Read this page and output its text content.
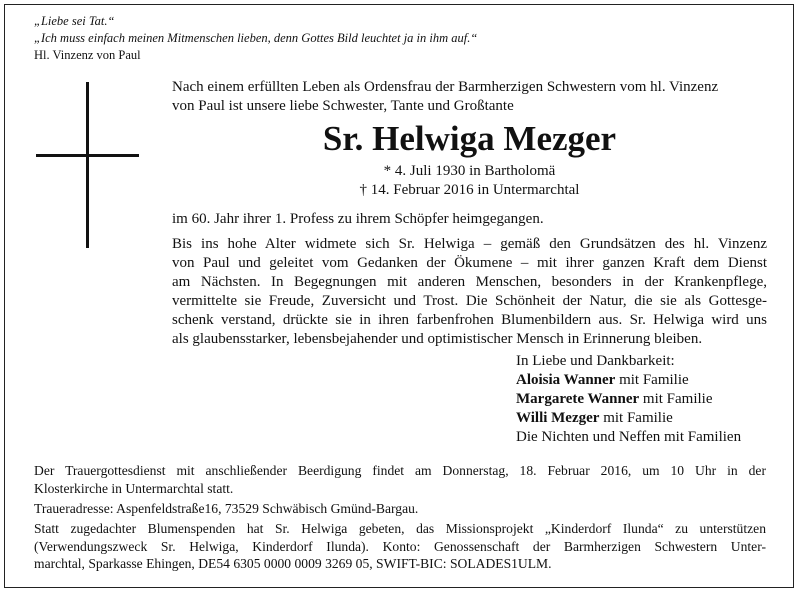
„Liebe sei Tat.“
„Ich muss einfach meinen Mitmenschen lieben, denn Gottes Bild leuchtet ja in ihm auf.“
Hl. Vinzenz von Paul
Nach einem erfüllten Leben als Ordensfrau der Barmherzigen Schwestern vom hl. Vinzenz
von Paul ist unsere liebe Schwester, Tante und Großtante
Sr. Helwiga Mezger
* 4. Juli 1930 in Bartholomä
† 14. Februar 2016 in Untermarchtal
im 60. Jahr ihrer 1. Profess zu ihrem Schöpfer heimgegangen.
Bis ins hohe Alter widmete sich Sr. Helwiga – gemäß den Grundsätzen des hl. Vinzenz
von Paul und geleitet vom Gedanken der Ökumene – mit ihrer ganzen Kraft dem Dienst
am Nächsten. In Begegnungen mit anderen Menschen, besonders in der Krankenpflege,
vermittelte sie Freude, Zuversicht und Trost. Die Schönheit der Natur, die sie als Gottesge-
schenk verstand, drückte sie in ihren farbenfrohen Blumenbildern aus. Sr. Helwiga wird uns
als glaubensstarker, lebensbejahender und optimistischer Mensch in Erinnerung bleiben.
In Liebe und Dankbarkeit:
Aloisia Wanner mit Familie
Margarete Wanner mit Familie
Willi Mezger mit Familie
Die Nichten und Neffen mit Familien
Der Trauergottesdienst mit anschließender Beerdigung findet am Donnerstag, 18. Februar 2016, um 10 Uhr in der
Klosterkirche in Untermarchtal statt.
Traueradresse: Aspenfeldstraße16, 73529 Schwäbisch Gmünd-Bargau.
Statt zugedachter Blumenspenden hat Sr. Helwiga gebeten, das Missionsprojekt „Kinderdorf Ilunda“ zu unterstützen
(Verwendungszweck Sr. Helwiga, Kinderdorf Ilunda). Konto: Genossenschaft der Barmherzigen Schwestern Unter-
marchtal, Sparkasse Ehingen, DE54 6305 0000 0009 3269 05, SWIFT-BIC: SOLADES1ULM.
